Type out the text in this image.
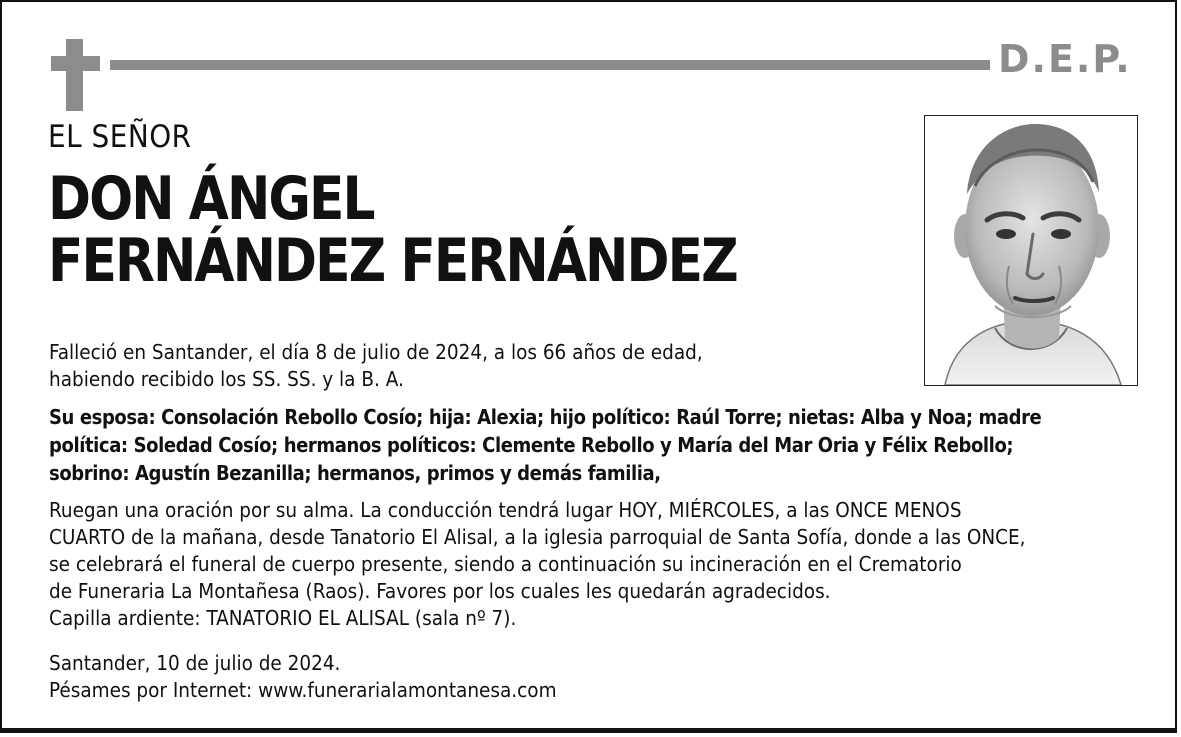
D.E.P.
EL SEÑOR
DON ÁNGEL
FERNÁNDEZ FERNÁNDEZ
Falleció en Santander, el día 8 de julio de 2024, a los 66 años de edad,
habiendo recibido los SS. SS. y la B. A.
Su esposa: Consolación Rebollo Cosío; hija: Alexia; hijo político: Raúl Torre; nietas: Alba y Noa; madre
política: Soledad Cosío; hermanos políticos: Clemente Rebollo y María del Mar Oria y Félix Rebollo;
sobrino: Agustín Bezanilla; hermanos, primos y demás familia,
Ruegan una oración por su alma. La conducción tendrá lugar HOY, MIÉRCOLES, a las ONCE MENOS
CUARTO de la mañana, desde Tanatorio El Alisal, a la iglesia parroquial de Santa Sofía, donde a las ONCE,
se celebrará el funeral de cuerpo presente, siendo a continuación su incineración en el Crematorio
de Funeraria La Montañesa (Raos). Favores por los cuales les quedarán agradecidos.
Capilla ardiente: TANATORIO EL ALISAL (sala nº 7).
Santander, 10 de julio de 2024.
Pésames por Internet: www.funerarialamontanesa.com
